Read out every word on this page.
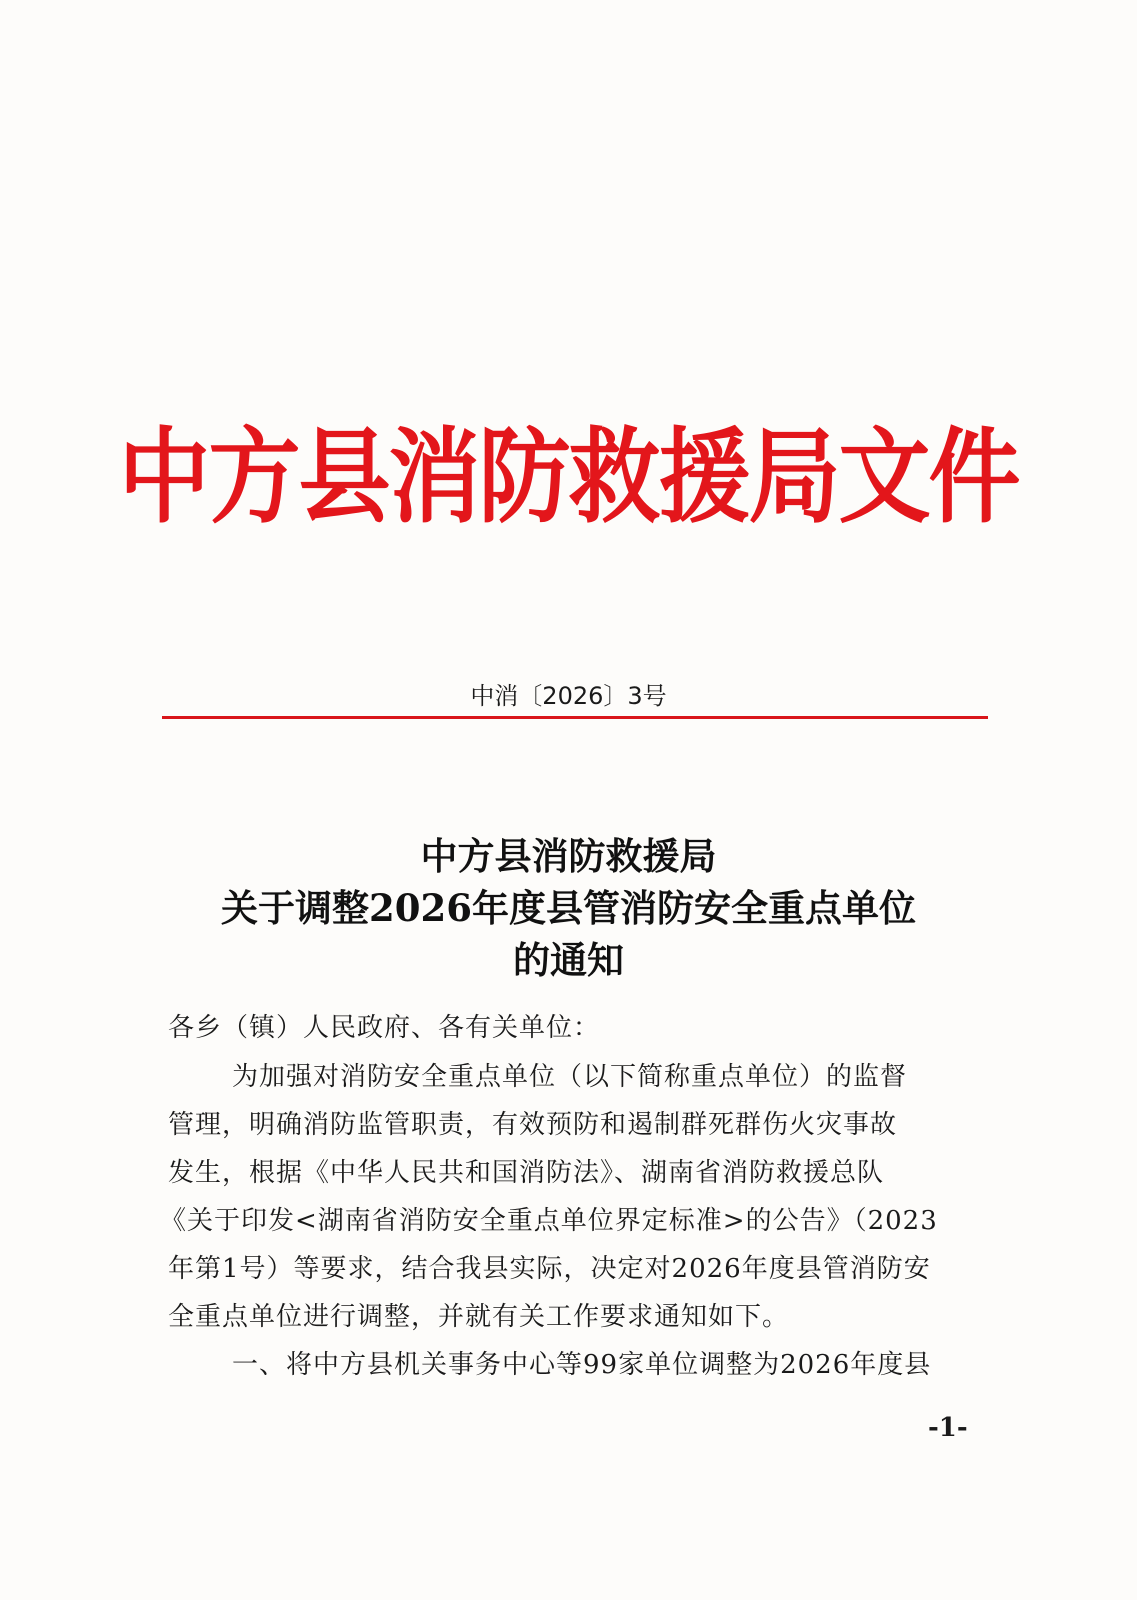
中方县消防救援局文件
中消〔2026〕3号
中方县消防救援局
关于调整2026年度县管消防安全重点单位
的通知
各乡（镇）人民政府、各有关单位：
为加强对消防安全重点单位（以下简称重点单位）的监督
管理，明确消防监管职责，有效预防和遏制群死群伤火灾事故
发生，根据《中华人民共和国消防法》、湖南省消防救援总队
《关于印发<湖南省消防安全重点单位界定标准>的公告》（2023
年第1号）等要求，结合我县实际，决定对2026年度县管消防安
全重点单位进行调整，并就有关工作要求通知如下。
一、将中方县机关事务中心等99家单位调整为2026年度县
-1-
